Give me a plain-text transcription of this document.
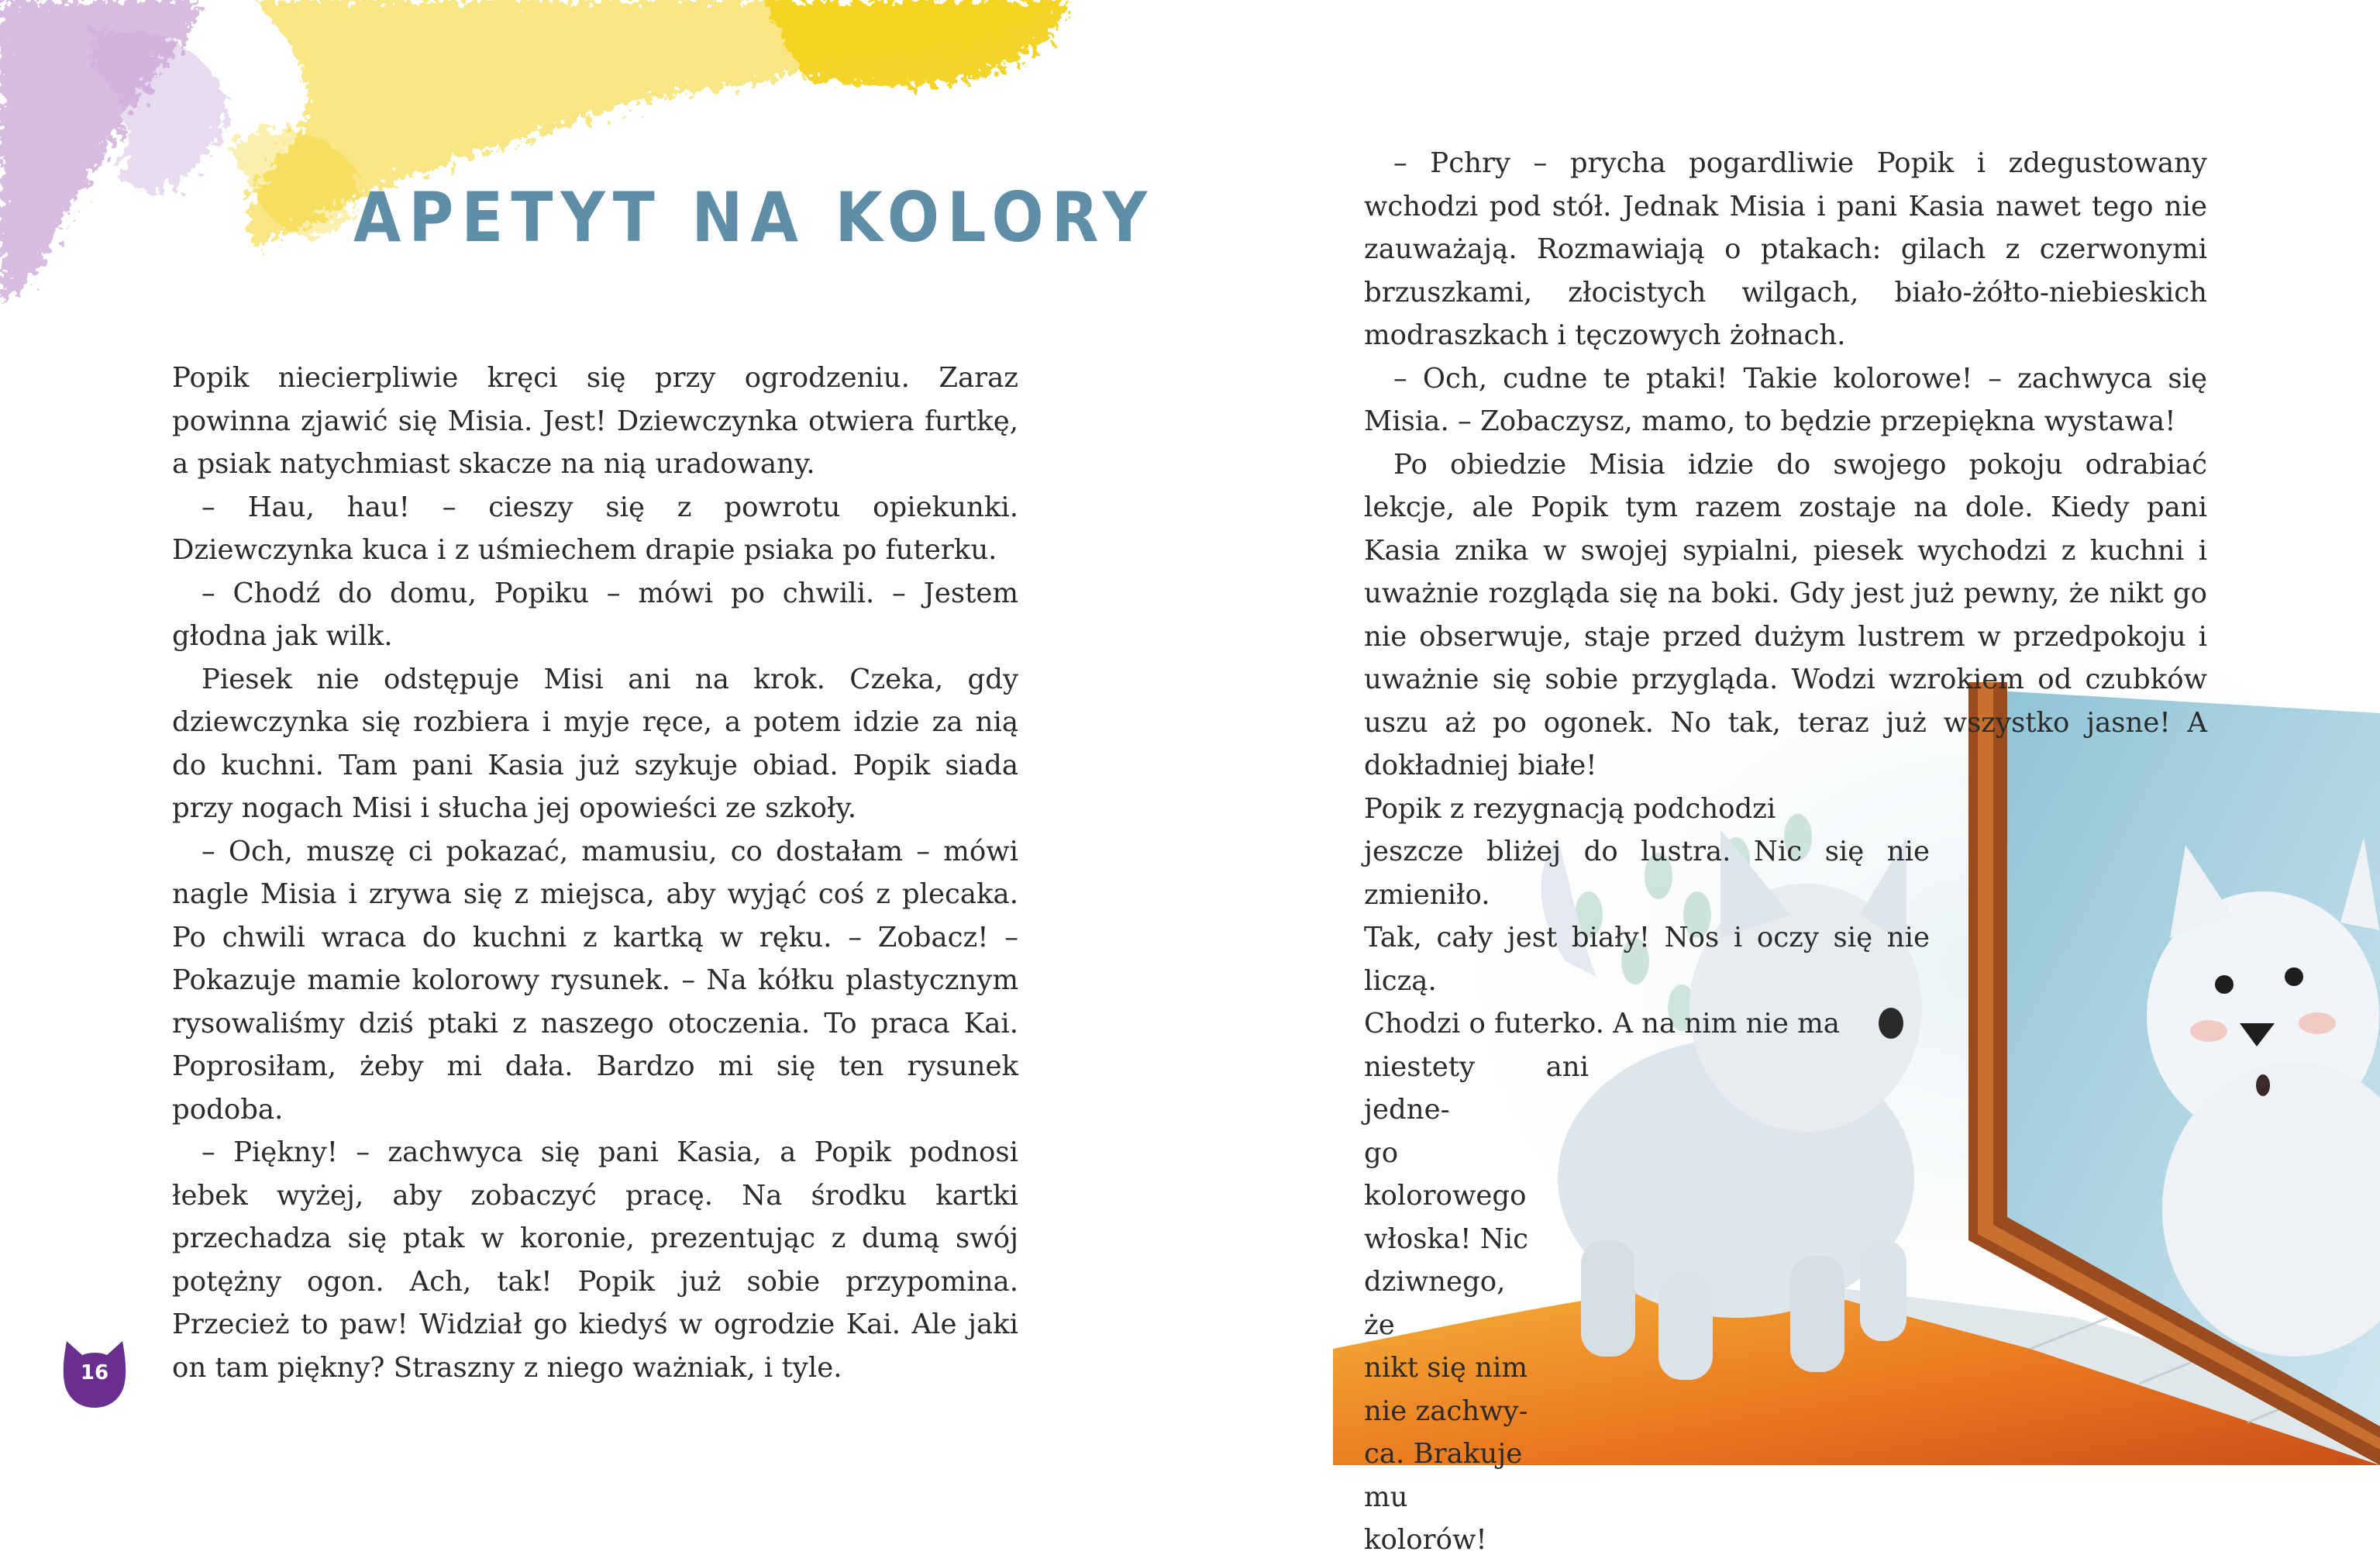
APETYT NA KOLORY

Popik niecierpliwie kręci się przy ogrodzeniu. Zaraz powinna zjawić się Misia. Jest! Dziewczynka otwiera furtkę, a psiak natychmiast skacze na nią uradowany.

– Hau, hau! – cieszy się z powrotu opiekunki. Dziewczynka kuca i z uśmiechem drapie psiaka po futerku.

– Chodź do domu, Popiku – mówi po chwili. – Jestem głodna jak wilk.

Piesek nie odstępuje Misi ani na krok. Czeka, gdy dziewczynka się rozbiera i myje ręce, a potem idzie za nią do kuchni. Tam pani Kasia już szykuje obiad. Popik siada przy nogach Misi i słucha jej opowieści ze szkoły.

– Och, muszę ci pokazać, mamusiu, co dostałam – mówi nagle Misia i zrywa się z miejsca, aby wyjąć coś z plecaka. Po chwili wraca do kuchni z kartką w ręku. – Zobacz! – Pokazuje mamie kolorowy rysunek. – Na kółku plastycznym rysowaliśmy dziś ptaki z naszego otoczenia. To praca Kai. Poprosiłam, żeby mi dała. Bardzo mi się ten rysunek podoba.

– Piękny! – zachwyca się pani Kasia, a Popik podnosi łebek wyżej, aby zobaczyć pracę. Na środku kartki przechadza się ptak w koronie, prezentując z dumą swój potężny ogon. Ach, tak! Popik już sobie przypomina. Przecież to paw! Widział go kiedyś w ogrodzie Kai. Ale jaki on tam piękny? Straszny z niego ważniak, i tyle.

– Pchry – prycha pogardliwie Popik i zdegustowany wchodzi pod stół. Jednak Misia i pani Kasia nawet tego nie zauważają. Rozmawiają o ptakach: gilach z czerwonymi brzuszkami, złocistych wilgach, biało-żółto-niebieskich modraszkach i tęczowych żołnach.

– Och, cudne te ptaki! Takie kolorowe! – zachwyca się Misia. – Zobaczysz, mamo, to będzie przepiękna wystawa!

Po obiedzie Misia idzie do swojego pokoju odrabiać lekcje, ale Popik tym razem zostaje na dole. Kiedy pani Kasia znika w swojej sypialni, piesek wychodzi z kuchni i uważnie rozgląda się na boki. Gdy jest już pewny, że nikt go nie obserwuje, staje przed dużym lustrem w przedpokoju i uważnie się sobie przygląda. Wodzi wzrokiem od czubków uszu aż po ogonek. No tak, teraz już wszystko jasne! A dokładniej białe!

Popik z rezygnacją podchodzi

jeszcze bliżej do lustra. Nic się nie zmieniło.

Tak, cały jest biały! Nos i oczy się nie liczą.

Chodzi o futerko. A na nim nie ma

niestety ani jedne-

go kolorowego

włoska! Nic

dziwnego, że

nikt się nim

nie zachwy-

ca. Brakuje

mu kolorów!

16
